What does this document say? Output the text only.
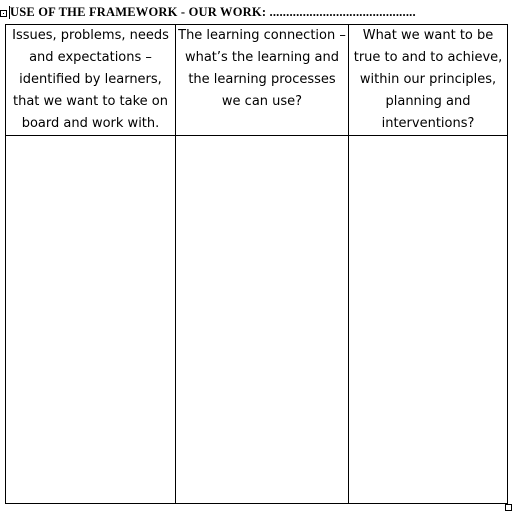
USE OF THE FRAMEWORK - OUR WORK: ............................................
Issues, problems, needs and expectations – identified by learners, that we want to take on board and work with.	The learning connection – what’s the learning and the learning processes we can use?	What we want to be true to and to achieve, within our principles, planning and interventions?
